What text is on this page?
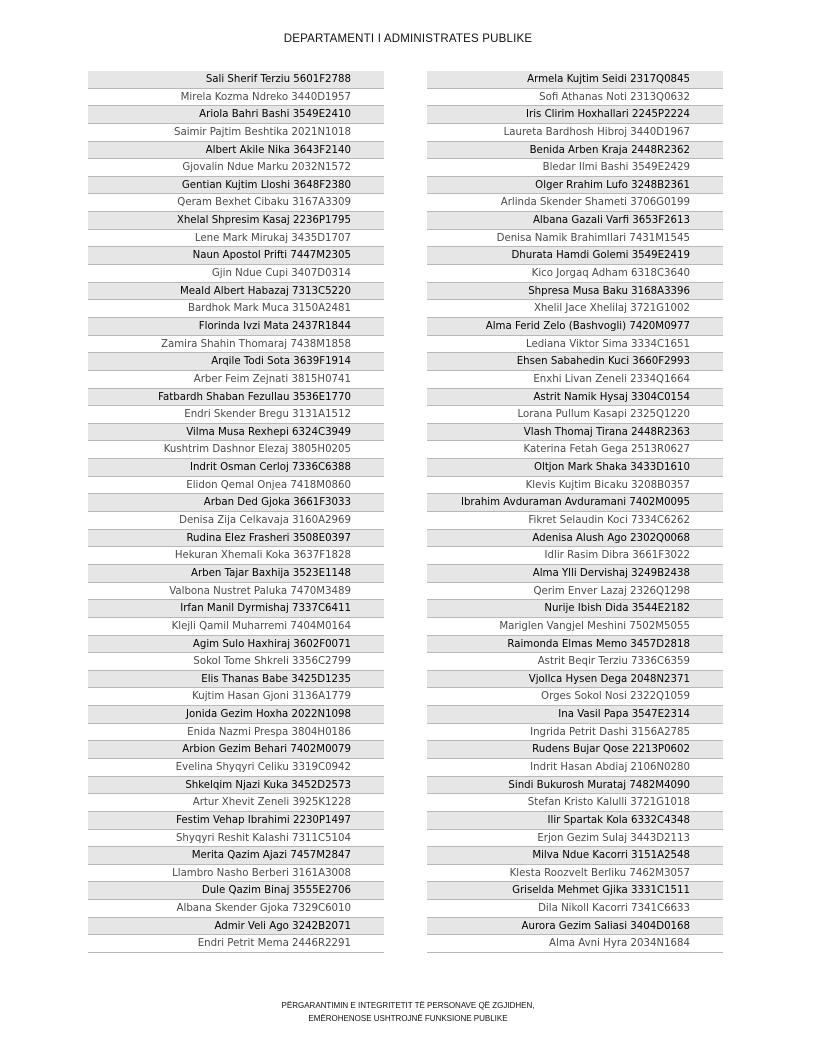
DEPARTAMENTI I ADMINISTRATES PUBLIKE
Sali Sherif Terziu 5601F2788
Mirela Kozma Ndreko 3440D1957
Ariola Bahri Bashi 3549E2410
Saimir Pajtim Beshtika 2021N1018
Albert Akile Nika 3643F2140
Gjovalin Ndue Marku 2032N1572
Gentian Kujtim Lloshi 3648F2380
Qeram Bexhet Cibaku 3167A3309
Xhelal Shpresim Kasaj 2236P1795
Lene Mark Mirukaj 3435D1707
Naun Apostol Prifti 7447M2305
Gjin Ndue Cupi 3407D0314
Meald Albert Habazaj 7313C5220
Bardhok Mark Muca 3150A2481
Florinda Ivzi Mata 2437R1844
Zamira Shahin Thomaraj 7438M1858
Arqile Todi Sota 3639F1914
Arber Feim Zejnati 3815H0741
Fatbardh Shaban Fezullau 3536E1770
Endri Skender Bregu 3131A1512
Vilma Musa Rexhepi 6324C3949
Kushtrim Dashnor Elezaj 3805H0205
Indrit Osman Cerloj 7336C6388
Elidon Qemal Onjea 7418M0860
Arban Ded Gjoka 3661F3033
Denisa Zija Celkavaja 3160A2969
Rudina Elez Frasheri 3508E0397
Hekuran Xhemali Koka 3637F1828
Arben Tajar Baxhija 3523E1148
Valbona Nustret Paluka 7470M3489
Irfan Manil Dyrmishaj 7337C6411
Klejli Qamil Muharremi 7404M0164
Agim Sulo Haxhiraj 3602F0071
Sokol Tome Shkreli 3356C2799
Elis Thanas Babe 3425D1235
Kujtim Hasan Gjoni 3136A1779
Jonida Gezim Hoxha 2022N1098
Enida Nazmi Prespa 3804H0186
Arbion Gezim Behari 7402M0079
Evelina Shyqyri Celiku 3319C0942
Shkelqim Njazi Kuka 3452D2573
Artur Xhevit Zeneli 3925K1228
Festim Vehap Ibrahimi 2230P1497
Shyqyri Reshit Kalashi 7311C5104
Merita Qazim Ajazi 7457M2847
Llambro Nasho Berberi 3161A3008
Dule Qazim Binaj 3555E2706
Albana Skender Gjoka 7329C6010
Admir Veli Ago 3242B2071
Endri Petrit Mema 2446R2291
Armela Kujtim Seidi 2317Q0845
Sofi Athanas Noti 2313Q0632
Iris Clirim Hoxhallari 2245P2224
Laureta Bardhosh Hibroj 3440D1967
Benida Arben Kraja 2448R2362
Bledar Ilmi Bashi 3549E2429
Olger Rrahim Lufo 3248B2361
Arlinda Skender Shameti 3706G0199
Albana Gazali Varfi 3653F2613
Denisa Namik Brahimllari 7431M1545
Dhurata Hamdi Golemi 3549E2419
Kico Jorgaq Adham 6318C3640
Shpresa Musa Baku 3168A3396
Xhelil Jace Xhelilaj 3721G1002
Alma Ferid Zelo (Bashvogli) 7420M0977
Lediana Viktor Sima 3334C1651
Ehsen Sabahedin Kuci 3660F2993
Enxhi Livan Zeneli 2334Q1664
Astrit Namik Hysaj 3304C0154
Lorana Pullum Kasapi 2325Q1220
Vlash Thomaj Tirana 2448R2363
Katerina Fetah Gega 2513R0627
Oltjon Mark Shaka 3433D1610
Klevis Kujtim Bicaku 3208B0357
Ibrahim Avduraman Avduramani 7402M0095
Fikret Selaudin Koci 7334C6262
Adenisa Alush Ago 2302Q0068
Idlir Rasim Dibra 3661F3022
Alma Ylli Dervishaj 3249B2438
Qerim Enver Lazaj 2326Q1298
Nurije Ibish Dida 3544E2182
Mariglen Vangjel Meshini 7502M5055
Raimonda Elmas Memo 3457D2818
Astrit Beqir Terziu 7336C6359
Vjollca Hysen Dega 2048N2371
Orges Sokol Nosi 2322Q1059
Ina Vasil Papa 3547E2314
Ingrida Petrit Dashi 3156A2785
Rudens Bujar Qose 2213P0602
Indrit Hasan Abdiaj 2106N0280
Sindi Bukurosh Murataj 7482M4090
Stefan Kristo Kalulli 3721G1018
Ilir Spartak Kola 6332C4348
Erjon Gezim Sulaj 3443D2113
Milva Ndue Kacorri 3151A2548
Klesta Roozvelt Berliku 7462M3057
Griselda Mehmet Gjika 3331C1511
Dila Nikoll Kacorri 7341C6633
Aurora Gezim Saliasi 3404D0168
Alma Avni Hyra 2034N1684
PËRGARANTIMIN E INTEGRITETIT TË PERSONAVE QË ZGJIDHEN,
EMËROHENOSE USHTROJNË FUNKSIONE PUBLIKE
